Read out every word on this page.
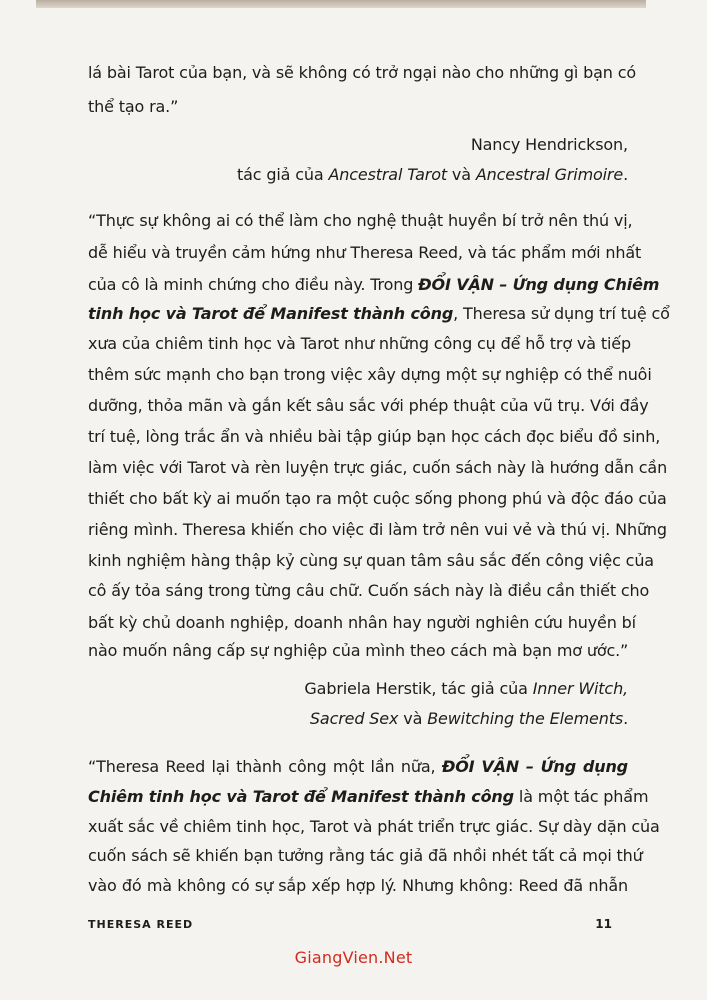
lá bài Tarot của bạn, và sẽ không có trở ngại nào cho những gì bạn có
thể tạo ra.”
Nancy Hendrickson,
tác giả của Ancestral Tarot và Ancestral Grimoire.
“Thực sự không ai có thể làm cho nghệ thuật huyền bí trở nên thú vị,
dễ hiểu và truyền cảm hứng như Theresa Reed, và tác phẩm mới nhất
của cô là minh chứng cho điều này. Trong ĐỔI VẬN – Ứng dụng Chiêm
tinh học và Tarot để Manifest thành công, Theresa sử dụng trí tuệ cổ
xưa của chiêm tinh học và Tarot như những công cụ để hỗ trợ và tiếp
thêm sức mạnh cho bạn trong việc xây dựng một sự nghiệp có thể nuôi
dưỡng, thỏa mãn và gắn kết sâu sắc với phép thuật của vũ trụ. Với đầy
trí tuệ, lòng trắc ẩn và nhiều bài tập giúp bạn học cách đọc biểu đồ sinh,
làm việc với Tarot và rèn luyện trực giác, cuốn sách này là hướng dẫn cần
thiết cho bất kỳ ai muốn tạo ra một cuộc sống phong phú và độc đáo của
riêng mình. Theresa khiến cho việc đi làm trở nên vui vẻ và thú vị. Những
kinh nghiệm hàng thập kỷ cùng sự quan tâm sâu sắc đến công việc của
cô ấy tỏa sáng trong từng câu chữ. Cuốn sách này là điều cần thiết cho
bất kỳ chủ doanh nghiệp, doanh nhân hay người nghiên cứu huyền bí
nào muốn nâng cấp sự nghiệp của mình theo cách mà bạn mơ ước.”
Gabriela Herstik, tác giả của Inner Witch,
Sacred Sex và Bewitching the Elements.
“Theresa Reed lại thành công một lần nữa, ĐỔI VẬN – Ứng dụng
Chiêm tinh học và Tarot để Manifest thành công là một tác phẩm
xuất sắc về chiêm tinh học, Tarot và phát triển trực giác. Sự dày dặn của
cuốn sách sẽ khiến bạn tưởng rằng tác giả đã nhồi nhét tất cả mọi thứ
vào đó mà không có sự sắp xếp hợp lý. Nhưng không: Reed đã nhẫn
THERESA REED	11
GiangVien.Net
